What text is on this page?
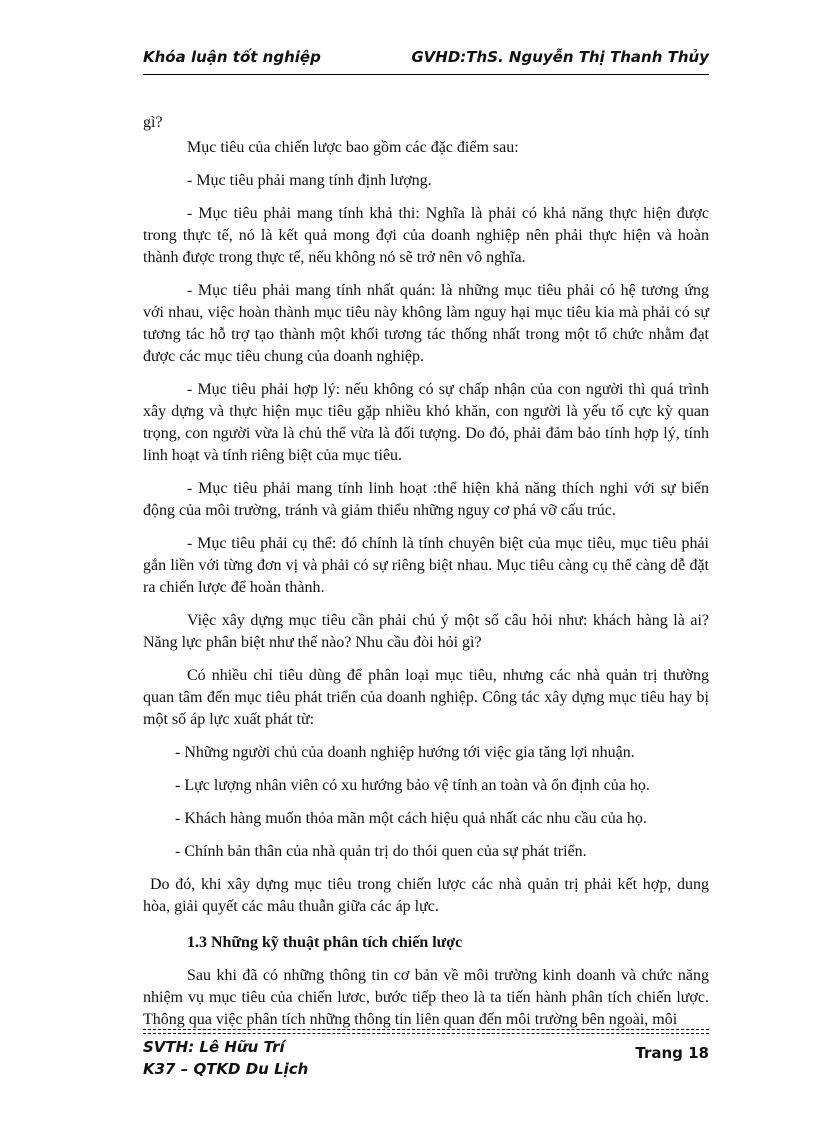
Khóa luận tốt nghiệp	GVHD:ThS. Nguyễn Thị Thanh Thủy

gì?

Mục tiêu của chiến lược bao gồm các đặc điểm sau:

- Mục tiêu phải mang tính định lượng.

- Mục tiêu phải mang tính khả thi: Nghĩa là phải có khả năng thực hiện được trong thực tế, nó là kết quả mong đợi của doanh nghiệp nên phải thực hiện và hoàn thành được trong thực tế, nếu không nó sẽ trở nên vô nghĩa.

- Mục tiêu phải mang tính nhất quán: là những mục tiêu phải có hệ tương ứng với nhau, việc hoàn thành mục tiêu này không làm nguy hại mục tiêu kia mà phải có sự tương tác hỗ trợ tạo thành một khối tương tác thống nhất trong một tổ chức nhằm đạt được các mục tiêu chung của doanh nghiệp.

- Mục tiêu phải hợp lý: nếu không có sự chấp nhận của con người thì quá trình xây dựng và thực hiện mục tiêu gặp nhiều khó khăn, con người là yếu tố cực kỳ quan trọng, con người vừa là chủ thể vừa là đối tượng. Do đó, phải đảm bảo tính hợp lý, tính linh hoạt và tính riêng biệt của mục tiêu.

- Mục tiêu phải mang tính linh hoạt :thể hiện khả năng thích nghi với sự biến động của môi trường, tránh và giảm thiểu những nguy cơ phá vỡ cấu trúc.

- Mục tiêu phải cụ thể: đó chính là tính chuyên biệt của mục tiêu, mục tiêu phải gắn liền với từng đơn vị và phải có sự riêng biệt nhau. Mục tiêu càng cụ thể càng dễ đặt ra chiến lược để hoàn thành.

Việc xây dựng mục tiêu cần phải chú ý một số câu hỏi như: khách hàng là ai? Năng lực phân biệt như thế nào? Nhu cầu đòi hỏi gì?

Có nhiều chỉ tiêu dùng để phân loại mục tiêu, nhưng các nhà quản trị thường quan tâm đến mục tiêu phát triển của doanh nghiệp. Công tác xây dựng mục tiêu hay bị một số áp lực xuất phát từ:

- Những người chủ của doanh nghiệp hướng tới việc gia tăng lợi nhuận.

- Lực lượng nhân viên có xu hướng bảo vệ tính an toàn và ổn định của họ.

- Khách hàng muốn thỏa mãn một cách hiệu quả nhất các nhu cầu của họ.

- Chính bản thân của nhà quản trị do thói quen của sự phát triển.

Do đó, khi xây dựng mục tiêu trong chiến lược các nhà quản trị phải kết hợp, dung hòa, giải quyết các mâu thuẫn giữa các áp lực.

1.3 Những kỹ thuật phân tích chiến lược

Sau khi đã có những thông tin cơ bản về môi trường kinh doanh và chức năng nhiệm vụ mục tiêu của chiến lươc, bước tiếp theo là ta tiến hành phân tích chiến lược. Thông qua việc phân tích những thông tin liên quan đến môi trường bên ngoài, môi

SVTH: Lê Hữu Trí
K37 – QTKD Du Lịch
Trang 18
